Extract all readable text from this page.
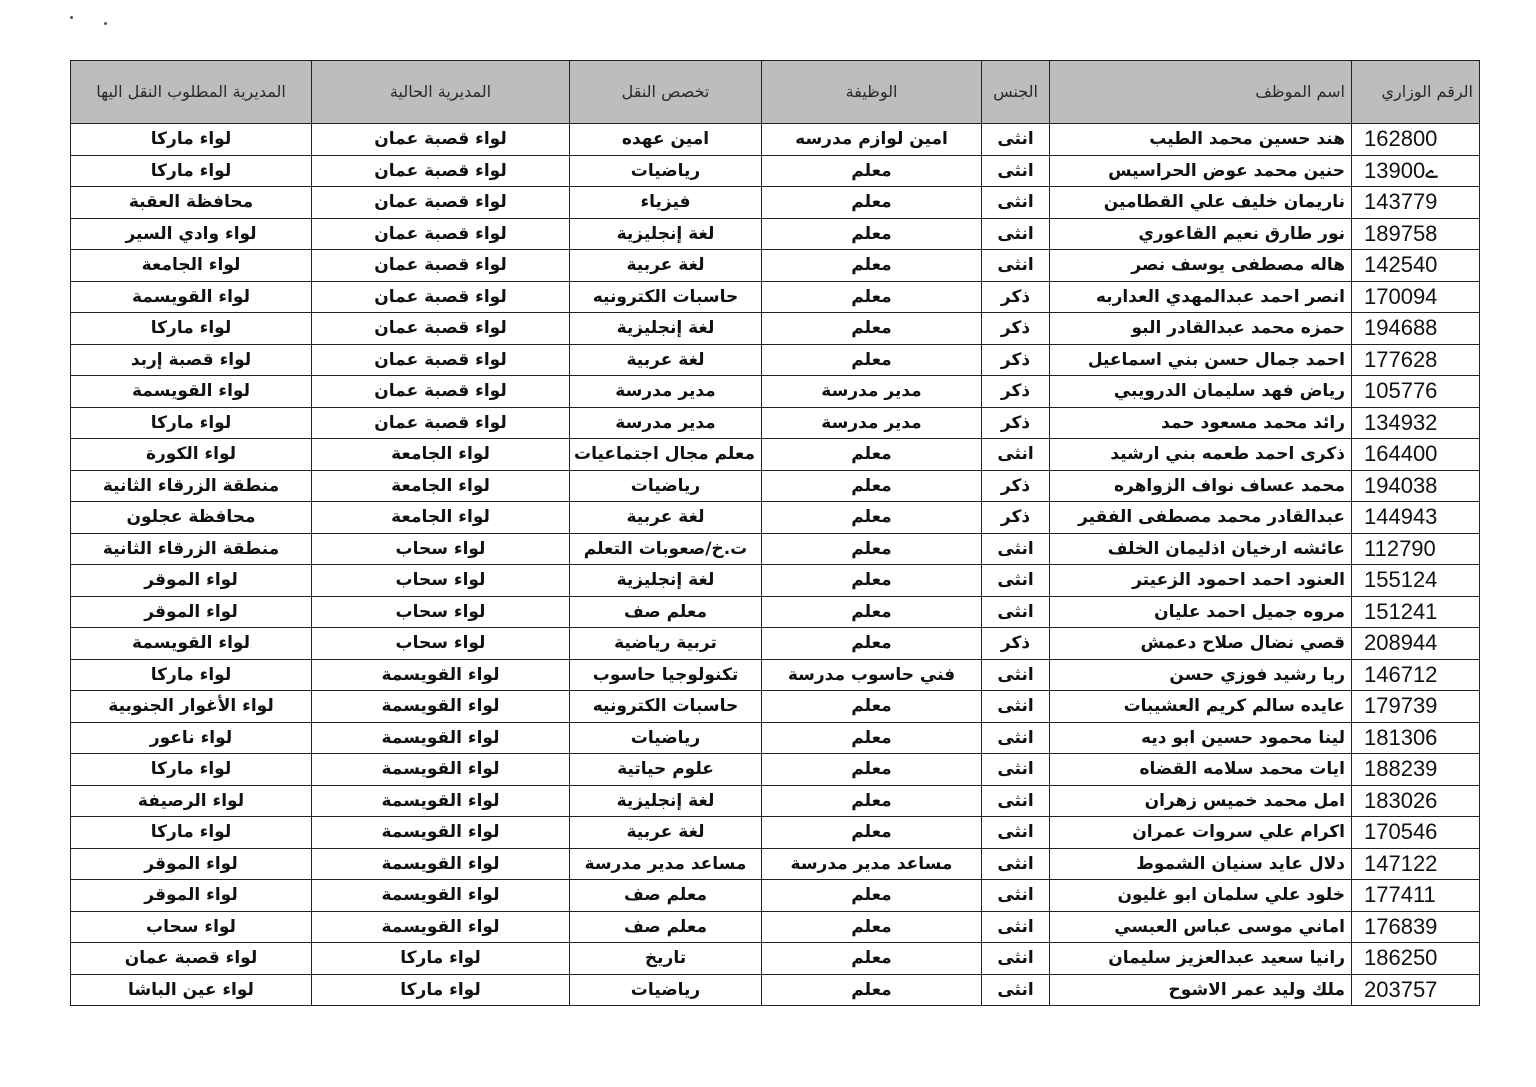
الرقم الوزاري	اسم الموظف	الجنس	الوظيفة	تخصص النقل	المديرية الحالية	المديرية المطلوب النقل اليها
162800	هند حسين محمد الطيب	انثى	امين لوازم مدرسه	امين عهده	لواء قصبة عمان	لواء ماركا
13900ے	حنين محمد عوض الحراسيس	انثى	معلم	رياضيات	لواء قصبة عمان	لواء ماركا
143779	ناريمان خليف علي القطامين	انثى	معلم	فيزياء	لواء قصبة عمان	محافظة العقبة
189758	نور طارق نعيم القاعوري	انثى	معلم	لغة إنجليزية	لواء قصبة عمان	لواء وادي السير
142540	هاله مصطفى يوسف نصر	انثى	معلم	لغة عربية	لواء قصبة عمان	لواء الجامعة
170094	انصر احمد عبدالمهدي العداربه	ذكر	معلم	حاسبات الكترونيه	لواء قصبة عمان	لواء القويسمة
194688	حمزه محمد عبدالقادر البو	ذكر	معلم	لغة إنجليزية	لواء قصبة عمان	لواء ماركا
177628	احمد جمال حسن بني اسماعيل	ذكر	معلم	لغة عربية	لواء قصبة عمان	لواء قصبة إربد
105776	رياض فهد سليمان الدرويبي	ذكر	مدير مدرسة	مدير مدرسة	لواء قصبة عمان	لواء القويسمة
134932	رائد محمد مسعود حمد	ذكر	مدير مدرسة	مدير مدرسة	لواء قصبة عمان	لواء ماركا
164400	ذكرى احمد طعمه بني ارشيد	انثى	معلم	معلم مجال اجتماعيات	لواء الجامعة	لواء الكورة
194038	محمد عساف نواف الزواهره	ذكر	معلم	رياضيات	لواء الجامعة	منطقة الزرقاء الثانية
144943	عبدالقادر محمد مصطفى الفقير	ذكر	معلم	لغة عربية	لواء الجامعة	محافظة عجلون
112790	عائشه ارخيان اذليمان الخلف	انثى	معلم	ت.خ/صعوبات التعلم	لواء سحاب	منطقة الزرقاء الثانية
155124	العنود احمد احمود الزعيتر	انثى	معلم	لغة إنجليزية	لواء سحاب	لواء الموقر
151241	مروه جميل احمد عليان	انثى	معلم	معلم صف	لواء سحاب	لواء الموقر
208944	قصي نضال صلاح دعمش	ذكر	معلم	تربية رياضية	لواء سحاب	لواء القويسمة
146712	ربا رشيد فوزي حسن	انثى	فني حاسوب مدرسة	تكنولوجيا حاسوب	لواء القويسمة	لواء ماركا
179739	عايده سالم كريم العشيبات	انثى	معلم	حاسبات الكترونيه	لواء القويسمة	لواء الأغوار الجنوبية
181306	لينا محمود حسين ابو ديه	انثى	معلم	رياضيات	لواء القويسمة	لواء ناعور
188239	ايات محمد سلامه القضاه	انثى	معلم	علوم حياتية	لواء القويسمة	لواء ماركا
183026	امل محمد خميس زهران	انثى	معلم	لغة إنجليزية	لواء القويسمة	لواء الرصيفة
170546	اكرام علي سروات عمران	انثى	معلم	لغة عربية	لواء القويسمة	لواء ماركا
147122	دلال عايد سنيان الشموط	انثى	مساعد مدير مدرسة	مساعد مدير مدرسة	لواء القويسمة	لواء الموقر
177411	خلود علي سلمان ابو غليون	انثى	معلم	معلم صف	لواء القويسمة	لواء الموقر
176839	اماني موسى عباس العبسي	انثى	معلم	معلم صف	لواء القويسمة	لواء سحاب
186250	رانيا سعيد عبدالعزيز سليمان	انثى	معلم	تاريخ	لواء ماركا	لواء قصبة عمان
203757	ملك وليد عمر الاشوح	انثى	معلم	رياضيات	لواء ماركا	لواء عين الباشا
